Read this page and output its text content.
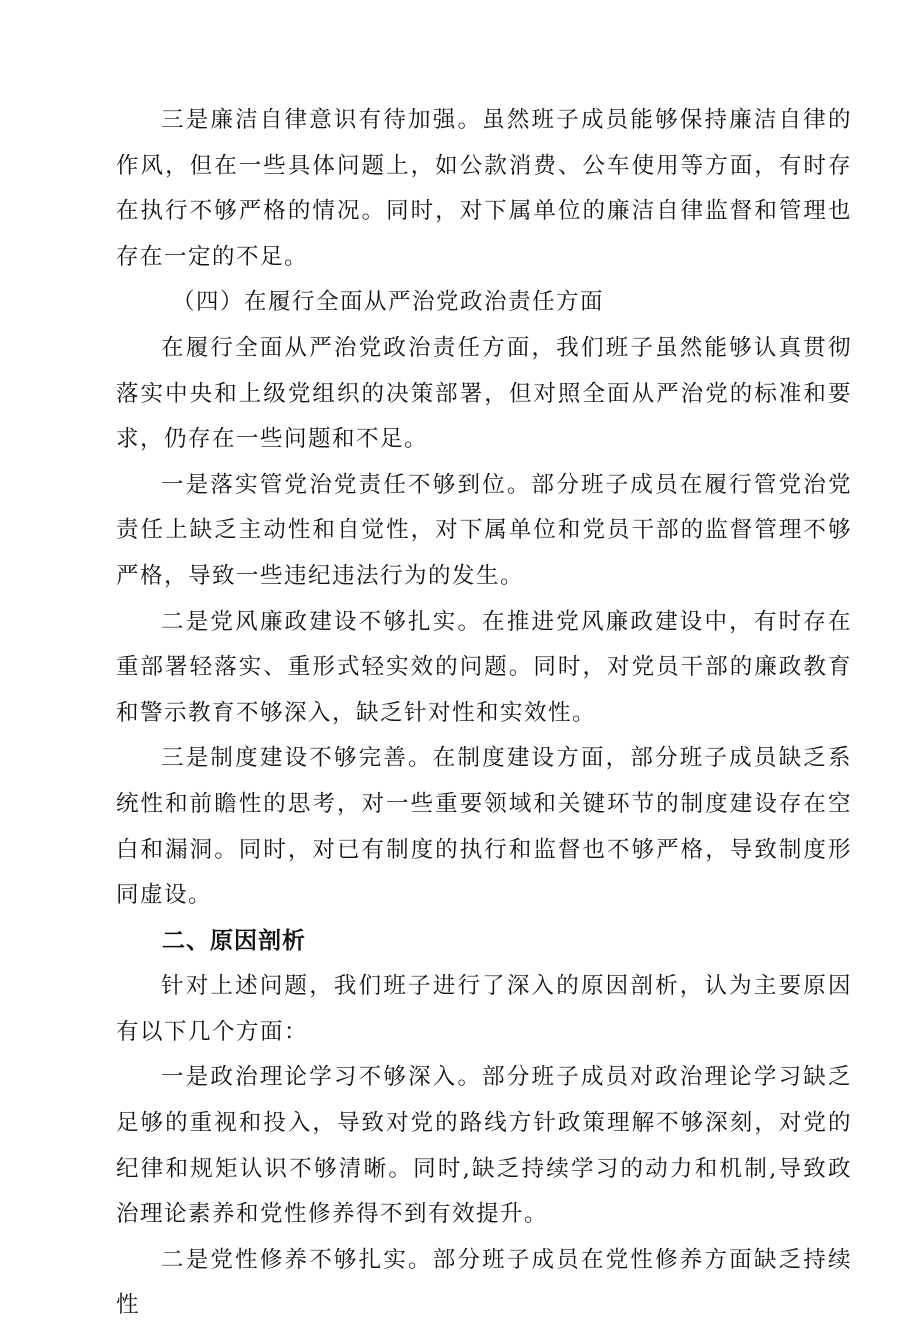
三是廉洁自律意识有待加强。虽然班子成员能够保持廉洁自律的作风，但在一些具体问题上，如公款消费、公车使用等方面，有时存在执行不够严格的情况。同时，对下属单位的廉洁自律监督和管理也存在一定的不足。

（四）在履行全面从严治党政治责任方面

在履行全面从严治党政治责任方面，我们班子虽然能够认真贯彻落实中央和上级党组织的决策部署，但对照全面从严治党的标准和要求，仍存在一些问题和不足。

一是落实管党治党责任不够到位。部分班子成员在履行管党治党责任上缺乏主动性和自觉性，对下属单位和党员干部的监督管理不够严格，导致一些违纪违法行为的发生。

二是党风廉政建设不够扎实。在推进党风廉政建设中，有时存在重部署轻落实、重形式轻实效的问题。同时，对党员干部的廉政教育和警示教育不够深入，缺乏针对性和实效性。

三是制度建设不够完善。在制度建设方面，部分班子成员缺乏系统性和前瞻性的思考，对一些重要领域和关键环节的制度建设存在空白和漏洞。同时，对已有制度的执行和监督也不够严格，导致制度形同虚设。

二、原因剖析

针对上述问题，我们班子进行了深入的原因剖析，认为主要原因有以下几个方面：

一是政治理论学习不够深入。部分班子成员对政治理论学习缺乏足够的重视和投入，导致对党的路线方针政策理解不够深刻，对党的纪律和规矩认识不够清晰。同时,缺乏持续学习的动力和机制,导致政治理论素养和党性修养得不到有效提升。

二是党性修养不够扎实。部分班子成员在党性修养方面缺乏持续性
